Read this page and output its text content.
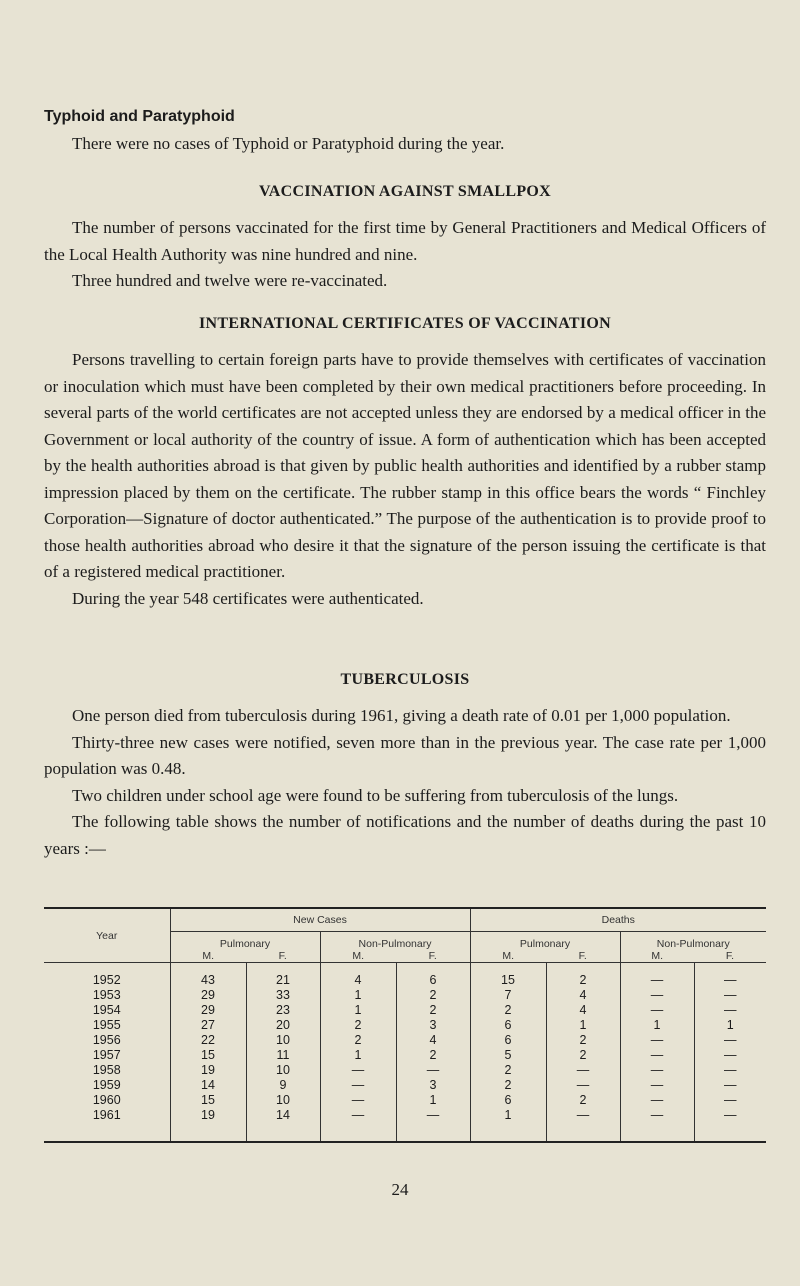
Typhoid and Paratyphoid

There were no cases of Typhoid or Paratyphoid during the year.

VACCINATION AGAINST SMALLPOX

The number of persons vaccinated for the first time by General Practitioners and Medical Officers of the Local Health Authority was nine hundred and nine.

Three hundred and twelve were re-vaccinated.

INTERNATIONAL CERTIFICATES OF VACCINATION

Persons travelling to certain foreign parts have to provide themselves with certificates of vaccination or inoculation which must have been completed by their own medical practitioners before proceeding. In several parts of the world certificates are not accepted unless they are endorsed by a medical officer in the Government or local authority of the country of issue. A form of authentication which has been accepted by the health authorities abroad is that given by public health authorities and identified by a rubber stamp impression placed by them on the certificate. The rubber stamp in this office bears the words “ Finchley Corporation—Signature of doctor authenticated.” The purpose of the authentication is to provide proof to those health authorities abroad who desire it that the signature of the person issuing the certificate is that of a registered medical practitioner.

During the year 548 certificates were authenticated.

TUBERCULOSIS

One person died from tuberculosis during 1961, giving a death rate of 0.01 per 1,000 population.

Thirty-three new cases were notified, seven more than in the previous year. The case rate per 1,000 population was 0.48.

Two children under school age were found to be suffering from tuberculosis of the lungs.

The following table shows the number of notifications and the number of deaths during the past 10 years :—

Year	New Cases				Deaths			
	Pulmonary		Non-Pulmonary		Pulmonary		Non-Pulmonary	
	M.	F.	M.	F.	M.	F.	M.	F.

1952	43	21	4	6	15	2	—	—
1953	29	33	1	2	7	4	—	—
1954	29	23	1	2	2	4	—	—
1955	27	20	2	3	6	1	1	1
1956	22	10	2	4	6	2	—	—
1957	15	11	1	2	5	2	—	—
1958	19	10	—	—	2	—	—	—
1959	14	9	—	3	2	—	—	—
1960	15	10	—	1	6	2	—	—
1961	19	14	—	—	1	—	—	—

24
